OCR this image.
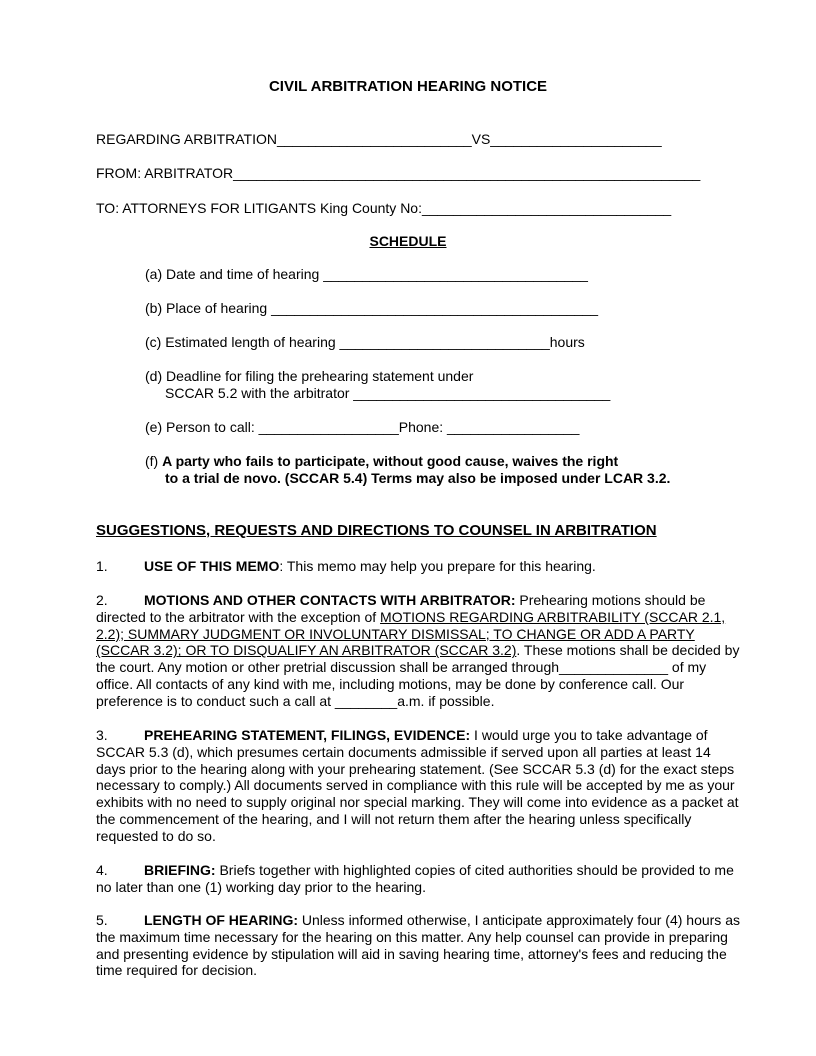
CIVIL ARBITRATION HEARING NOTICE
REGARDING ARBITRATION_________________________VS______________________
FROM: ARBITRATOR____________________________________________________________
TO: ATTORNEYS FOR LITIGANTS King County No:________________________________
SCHEDULE
(a) Date and time of hearing __________________________________
(b) Place of hearing __________________________________________
(c) Estimated length of hearing ___________________________hours
(d) Deadline for filing the prehearing statement under
SCCAR 5.2 with the arbitrator _________________________________
(e) Person to call: __________________Phone: _________________
(f) A party who fails to participate, without good cause, waives the right
to a trial de novo. (SCCAR 5.4) Terms may also be imposed under LCAR 3.2.
SUGGESTIONS, REQUESTS AND DIRECTIONS TO COUNSEL IN ARBITRATION
1.	USE OF THIS MEMO: This memo may help you prepare for this hearing.
2.	MOTIONS AND OTHER CONTACTS WITH ARBITRATOR: Prehearing motions should be directed to the arbitrator with the exception of MOTIONS REGARDING ARBITRABILITY (SCCAR 2.1, 2.2); SUMMARY JUDGMENT OR INVOLUNTARY DISMISSAL; TO CHANGE OR ADD A PARTY (SCCAR 3.2); OR TO DISQUALIFY AN ARBITRATOR (SCCAR 3.2). These motions shall be decided by the court. Any motion or other pretrial discussion shall be arranged through______________ of my office. All contacts of any kind with me, including motions, may be done by conference call. Our preference is to conduct such a call at ________a.m. if possible.
3.	PREHEARING STATEMENT, FILINGS, EVIDENCE: I would urge you to take advantage of SCCAR 5.3 (d), which presumes certain documents admissible if served upon all parties at least 14 days prior to the hearing along with your prehearing statement. (See SCCAR 5.3 (d) for the exact steps necessary to comply.) All documents served in compliance with this rule will be accepted by me as your exhibits with no need to supply original nor special marking. They will come into evidence as a packet at the commencement of the hearing, and I will not return them after the hearing unless specifically requested to do so.
4.	BRIEFING: Briefs together with highlighted copies of cited authorities should be provided to me no later than one (1) working day prior to the hearing.
5.	LENGTH OF HEARING: Unless informed otherwise, I anticipate approximately four (4) hours as the maximum time necessary for the hearing on this matter. Any help counsel can provide in preparing and presenting evidence by stipulation will aid in saving hearing time, attorney's fees and reducing the time required for decision.
